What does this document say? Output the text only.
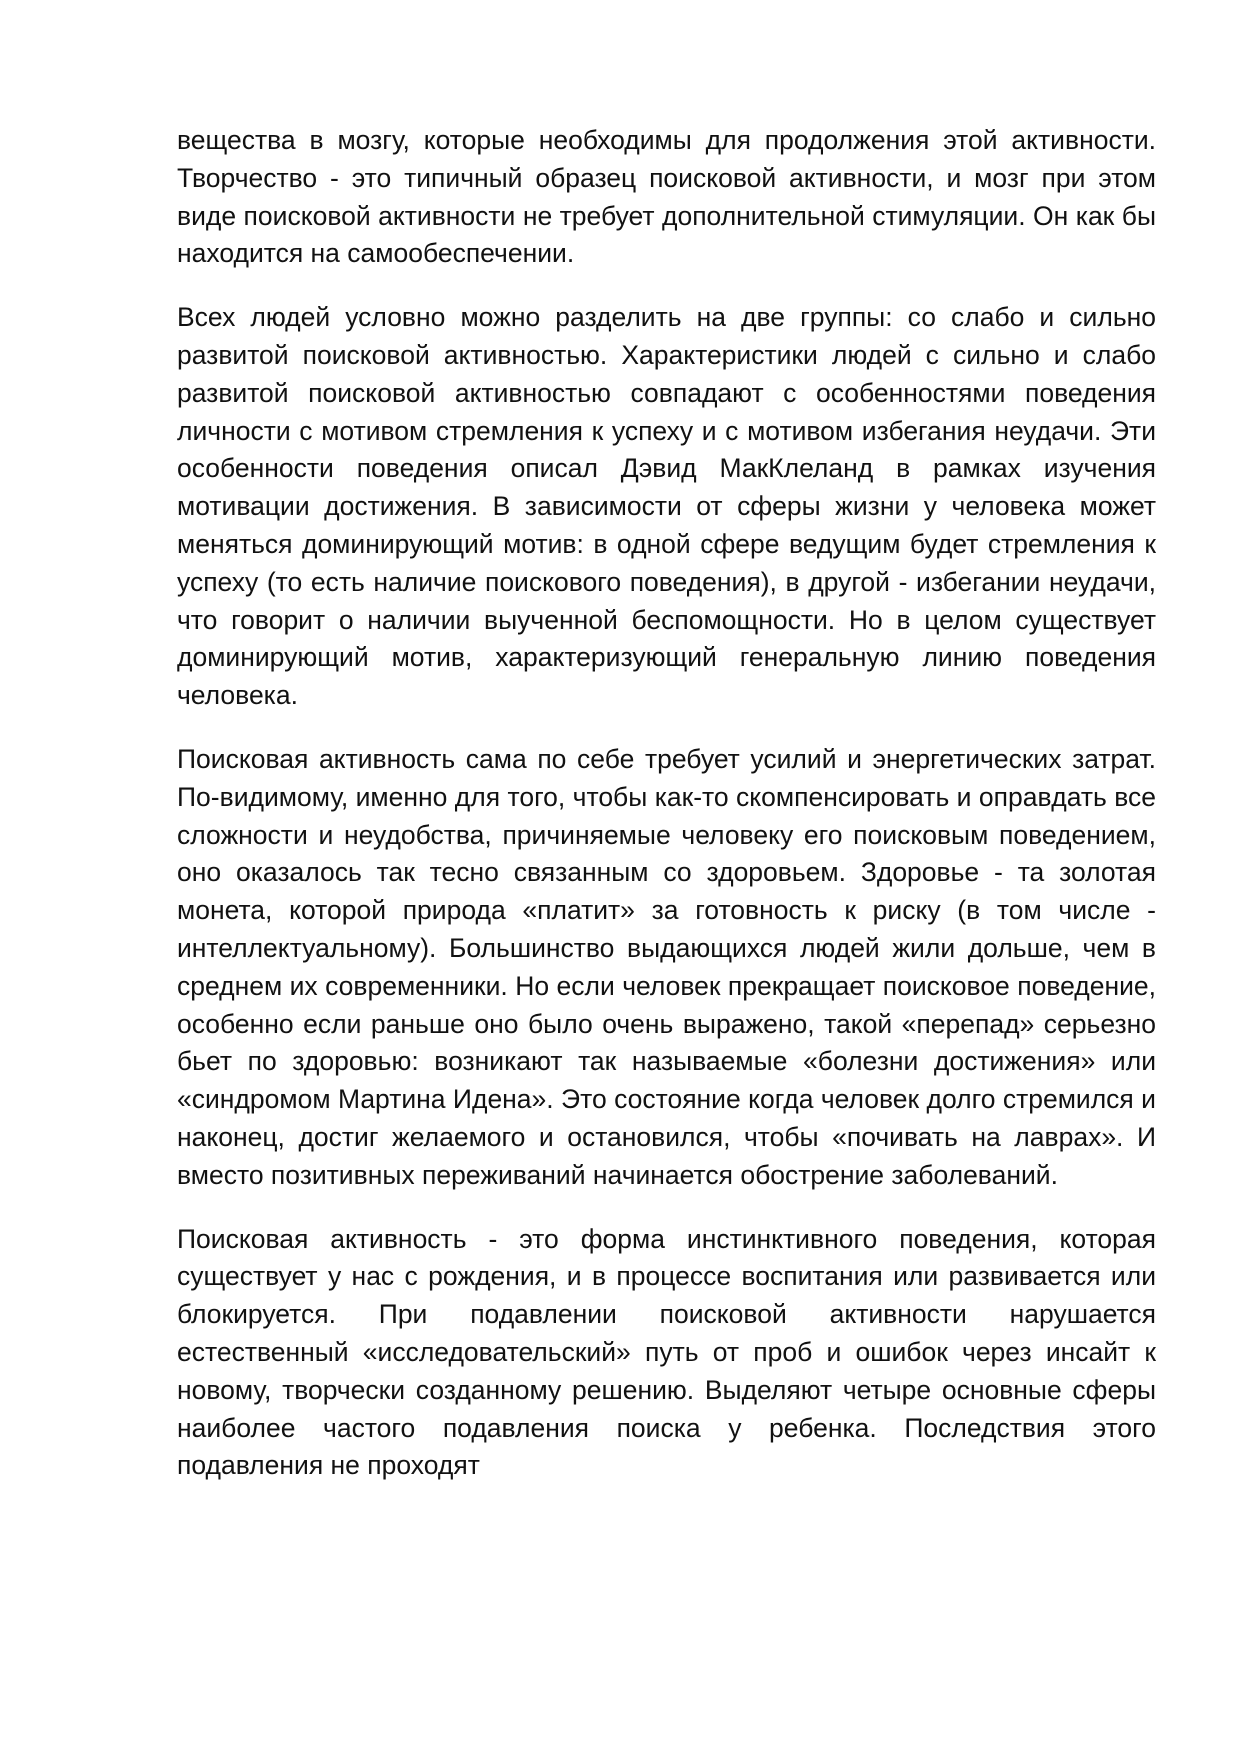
вещества в мозгу, которые необходимы для продолжения этой активности. Творчество - это типичный образец поисковой активности, и мозг при этом виде поисковой активности не требует дополнительной стимуляции. Он как бы находится на самообеспечении.

Всех людей условно можно разделить на две группы: со слабо и сильно развитой поисковой активностью. Характеристики людей с сильно и слабо развитой поисковой активностью совпадают с особенностями поведения личности с мотивом стремления к успеху и с мотивом избегания неудачи. Эти особенности поведения описал Дэвид МакКлеланд в рамках изучения мотивации достижения. В зависимости от сферы жизни у человека может меняться доминирующий мотив: в одной сфере ведущим будет стремления к успеху (то есть наличие поискового поведения), в другой - избегании неудачи, что говорит о наличии выученной беспомощности. Но в целом существует доминирующий мотив, характеризующий генеральную линию поведения человека.

Поисковая активность сама по себе требует усилий и энергетических затрат. По-видимому, именно для того, чтобы как-то скомпенсировать и оправдать все сложности и неудобства, причиняемые человеку его поисковым поведением, оно оказалось так тесно связанным со здоровьем. Здоровье - та золотая монета, которой природа «платит» за готовность к риску (в том числе - интеллектуальному). Большинство выдающихся людей жили дольше, чем в среднем их современники. Но если человек прекращает поисковое поведение, особенно если раньше оно было очень выражено, такой «перепад» серьезно бьет по здоровью: возникают так называемые «болезни достижения» или «синдромом Мартина Идена». Это состояние когда человек долго стремился и наконец, достиг желаемого и остановился, чтобы «почивать на лаврах». И вместо позитивных переживаний начинается обострение заболеваний.

Поисковая активность - это форма инстинктивного поведения, которая существует у нас с рождения, и в процессе воспитания или развивается или блокируется. При подавлении поисковой активности нарушается естественный «исследовательский» путь от проб и ошибок через инсайт к новому, творчески созданному решению. Выделяют четыре основные сферы наиболее частого подавления поиска у ребенка. Последствия этого подавления не проходят
